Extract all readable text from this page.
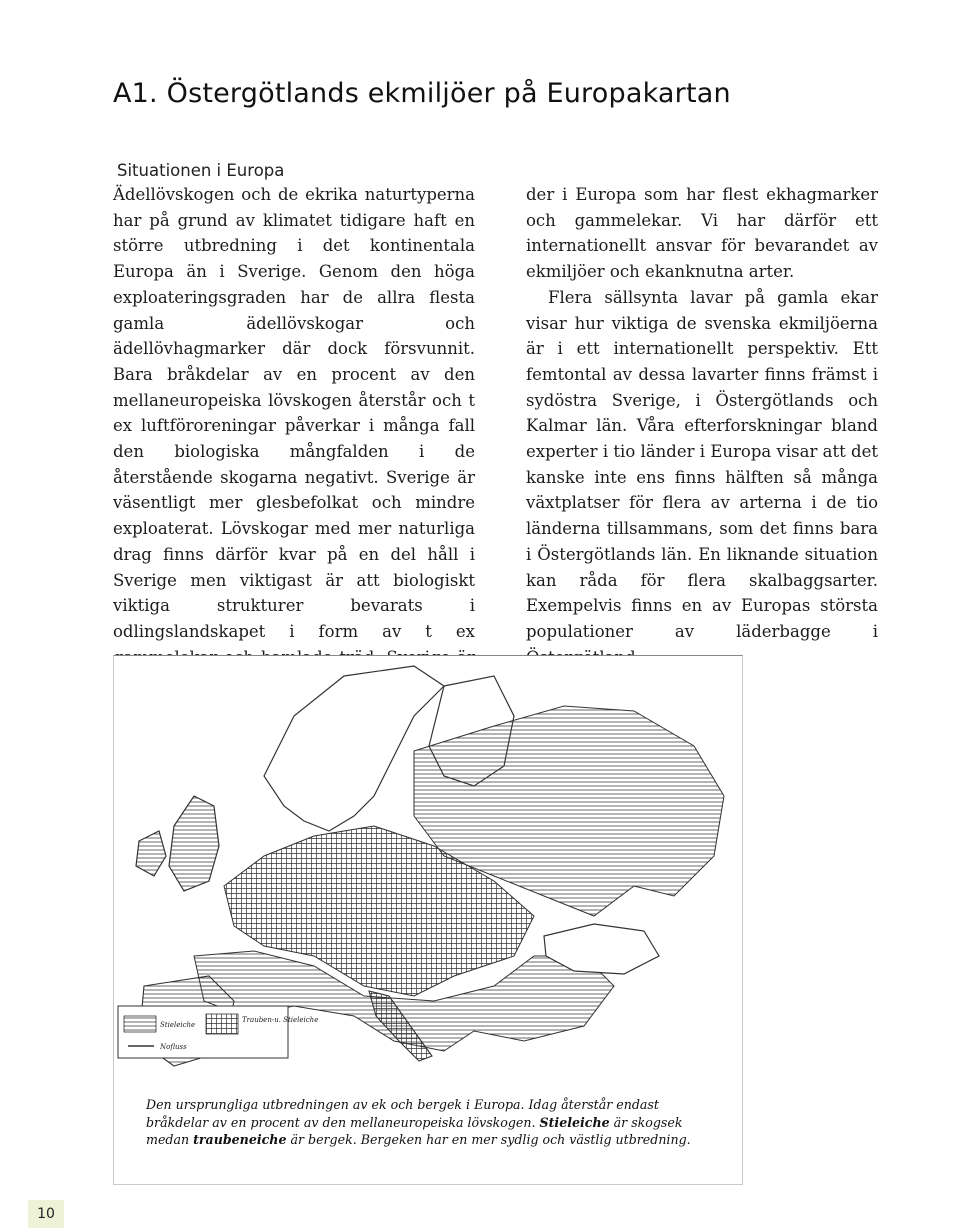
A1. Östergötlands ekmiljöer på Europakartan
Situationen i Europa

Ädellövskogen och de ekrika naturtyperna har på grund av klimatet tidigare haft en större utbredning i det kontinentala Europa än i Sverige. Genom den höga exploateringsgraden har de allra flesta gamla ädellövskogar och ädellövhagmarker där dock försvunnit. Bara bråkdelar av en procent av den mellaneuropeiska lövskogen återstår och t ex luftföroreningar påverkar i många fall den biologiska mångfalden i de återstående skogarna negativt. Sverige är väsentligt mer glesbefolkat och mindre exploaterat. Lövskogar med mer naturliga drag finns därför kvar på en del håll i Sverige men viktigast är att biologiskt viktiga strukturer bevarats i odlingslandskapet i form av t ex

der i Europa som har flest ekhagmarker och gammelekar. Vi har därför ett internationellt ansvar för bevarandet av ekmiljöer och ekanknutna arter.

Flera sällsynta lavar på gamla ekar visar hur viktiga de svenska ekmiljöerna är i ett internationellt perspektiv. Ett femtontal av dessa lavarter finns främst i sydöstra Sverige, i Östergötlands och Kalmar län. Våra efterforskningar bland experter i tio länder i Europa visar att det kanske inte ens finns hälften så många växtplatser för flera av arterna i de tio länderna tillsammans, som det finns bara i Östergötlands län. En liknande situation kan råda för flera skalbaggsarter. Exempelvis finns en av Europas största populationer av läderbagge i

Stieleiche
Trauben-u. Stieleiche
Nofluss
Den ursprungliga utbredningen av ek och bergek i Europa. Idag återstår endast bråkdelar av en procent av den mellaneuropeiska lövskogen. Stieleiche är skogsek medan traubeneiche är bergek. Bergeken har en mer sydlig och västlig utbredning.
10
